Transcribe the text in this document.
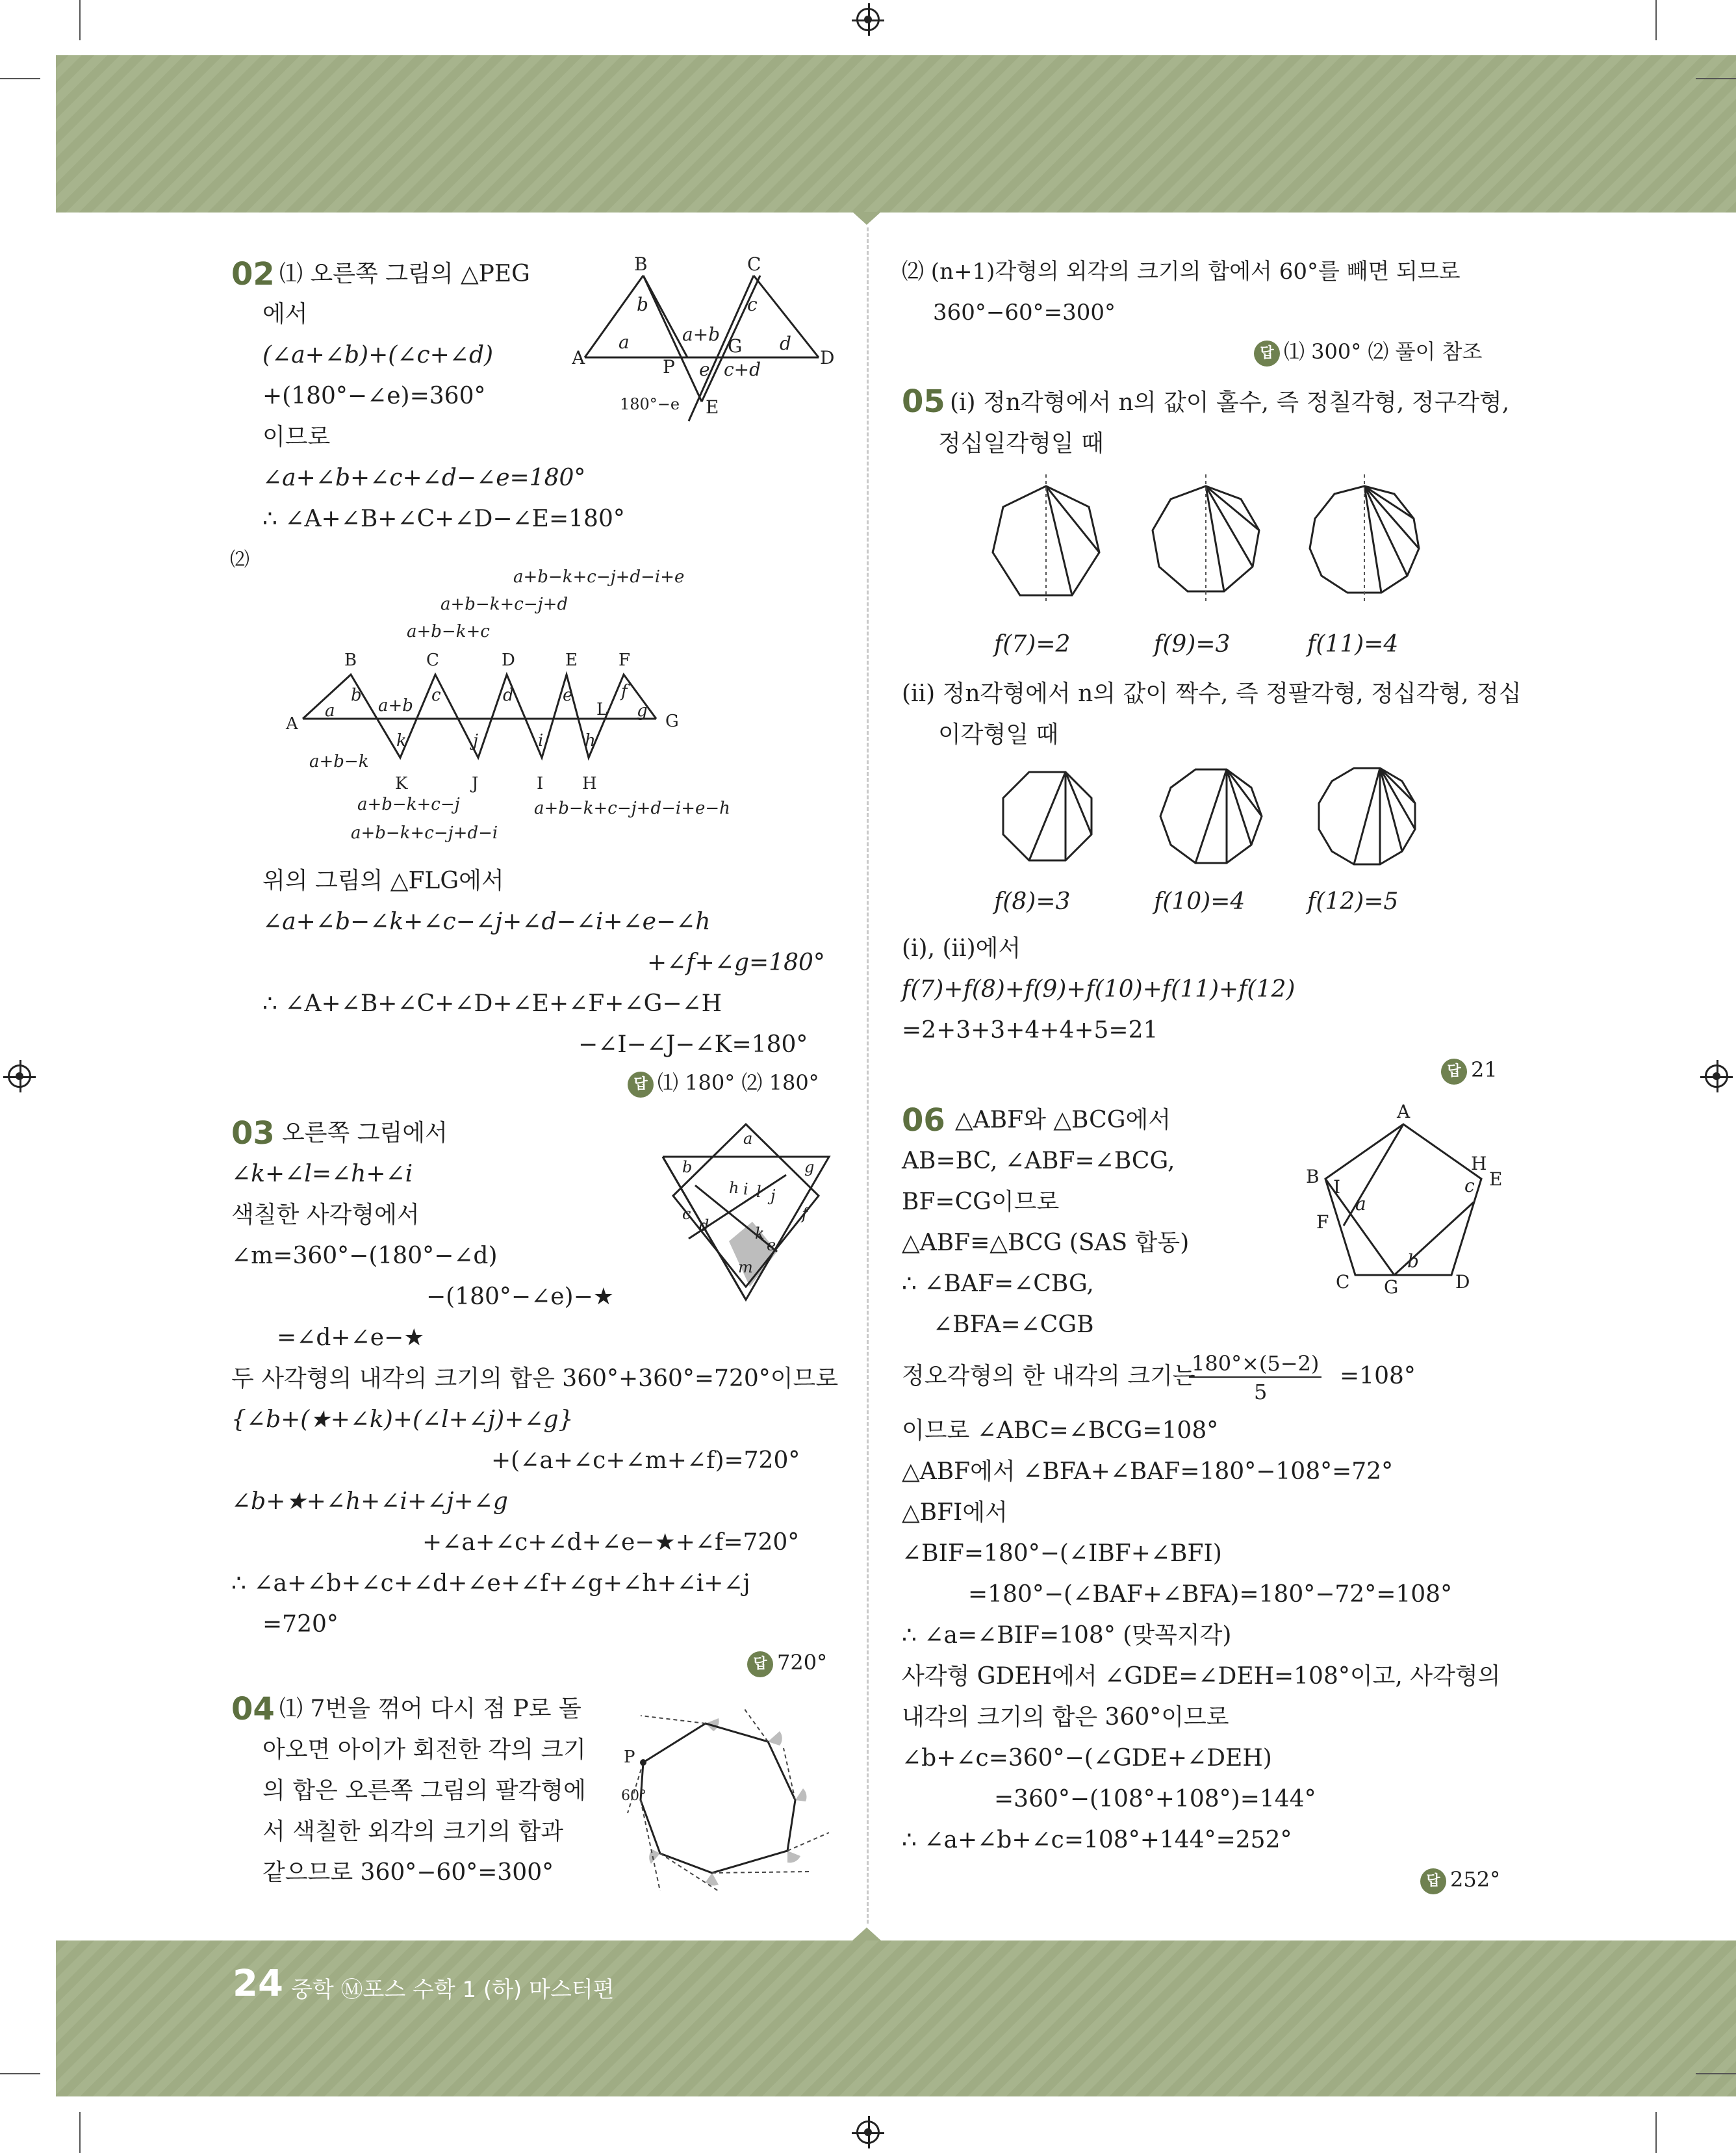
24 중학 Ⓜ포스 수학 1 (하) 마스터편
02 ⑴ 오른쪽 그림의 △PEG
에서
(∠a+∠b)+(∠c+∠d)
+(180°−∠e)=360°
이므로
∠a+∠b+∠c+∠d−∠e=180°
∴ ∠A+∠B+∠C+∠D−∠E=180°
⑵
B	C
b	c
a	a+b
G d
A	P e
D
c+d
180°−e E
a+b−k+c−j+d−i+e
a+b−k+c−j+d
a+b−k+c
B	C	D	E F
A
a
b
a+b
c	d	e
L
f
g
G
k	j	i h
a+b−k
K	J	I H
a+b−k+c−j	a+b−k+c−j+d−i+e−h
a+b−k+c−j+d−i
위의 그림의 △FLG에서
∠a+∠b−∠k+∠c−∠j+∠d−∠i+∠e−∠h
+∠f+∠g=180°
∴ ∠A+∠B+∠C+∠D+∠E+∠F+∠G−∠H
−∠I−∠J−∠K=180°
답 ⑴ 180° ⑵ 180°
03 오른쪽 그림에서
∠k+∠l=∠h+∠i
색칠한 사각형에서
∠m=360°−(180°−∠d)
−(180°−∠e)−★
=∠d+∠e−★
두 사각형의 내각의 크기의 합은 360°+360°=720°이므로
{∠b+(★+∠k)+(∠l+∠j)+∠g}
+(∠a+∠c+∠m+∠f)=720°
∠b+★+∠h+∠i+∠j+∠g
+∠a+∠c+∠d+∠e−★+∠f=720°
∴ ∠a+∠b+∠c+∠d+∠e+∠f+∠g+∠h+∠i+∠j
=720°
답 720°
a
b	g
h i l j
c
d
f
k
e
m
04 ⑴ 7번을 꺾어 다시 점 P로 돌
아오면 아이가 회전한 각의 크기
의 합은 오른쪽 그림의 팔각형에
서 색칠한 외각의 크기의 합과
같으므로 360°−60°=300°
P
60°
⑵ (n+1)각형의 외각의 크기의 합에서 60°를 빼면 되므로
360°−60°=300°
답 ⑴ 300° ⑵ 풀이 참조
05 (ⅰ) 정n각형에서 n의 값이 홀수, 즉 정칠각형, 정구각형,
정십일각형일 때
f(7)=2	f(9)=3	f(11)=4
(ⅱ) 정n각형에서 n의 값이 짝수, 즉 정팔각형, 정십각형, 정십
이각형일 때
f(8)=3	f(10)=4	f(12)=5
(ⅰ), (ⅱ)에서
f(7)+f(8)+f(9)+f(10)+f(11)+f(12)
=2+3+3+4+4+5=21
답 21
06 △ABF와 △BCG에서
AB=BC, ∠ABF=∠BCG,
BF=CG이므로
△ABF≡△BCG (SAS 합동)
∴ ∠BAF=∠CBG,
∠BFA=∠CGB
정오각형의 한 내각의 크기는
180°×(5−2)
5
=108°
이므로 ∠ABC=∠BCG=108°
△ABF에서 ∠BFA+∠BAF=180°−108°=72°
△BFI에서
∠BIF=180°−(∠IBF+∠BFI)
=180°−(∠BAF+∠BFA)=180°−72°=108°
∴ ∠a=∠BIF=108° (맞꼭지각)
사각형 GDEH에서 ∠GDE=∠DEH=108°이고, 사각형의
내각의 크기의 합은 360°이므로
∠b+∠c=360°−(∠GDE+∠DEH)
=360°−(108°+108°)=144°
∴ ∠a+∠b+∠c=108°+144°=252°
답 252°
A
B I
a
H
E
c
F
b
C G	D
